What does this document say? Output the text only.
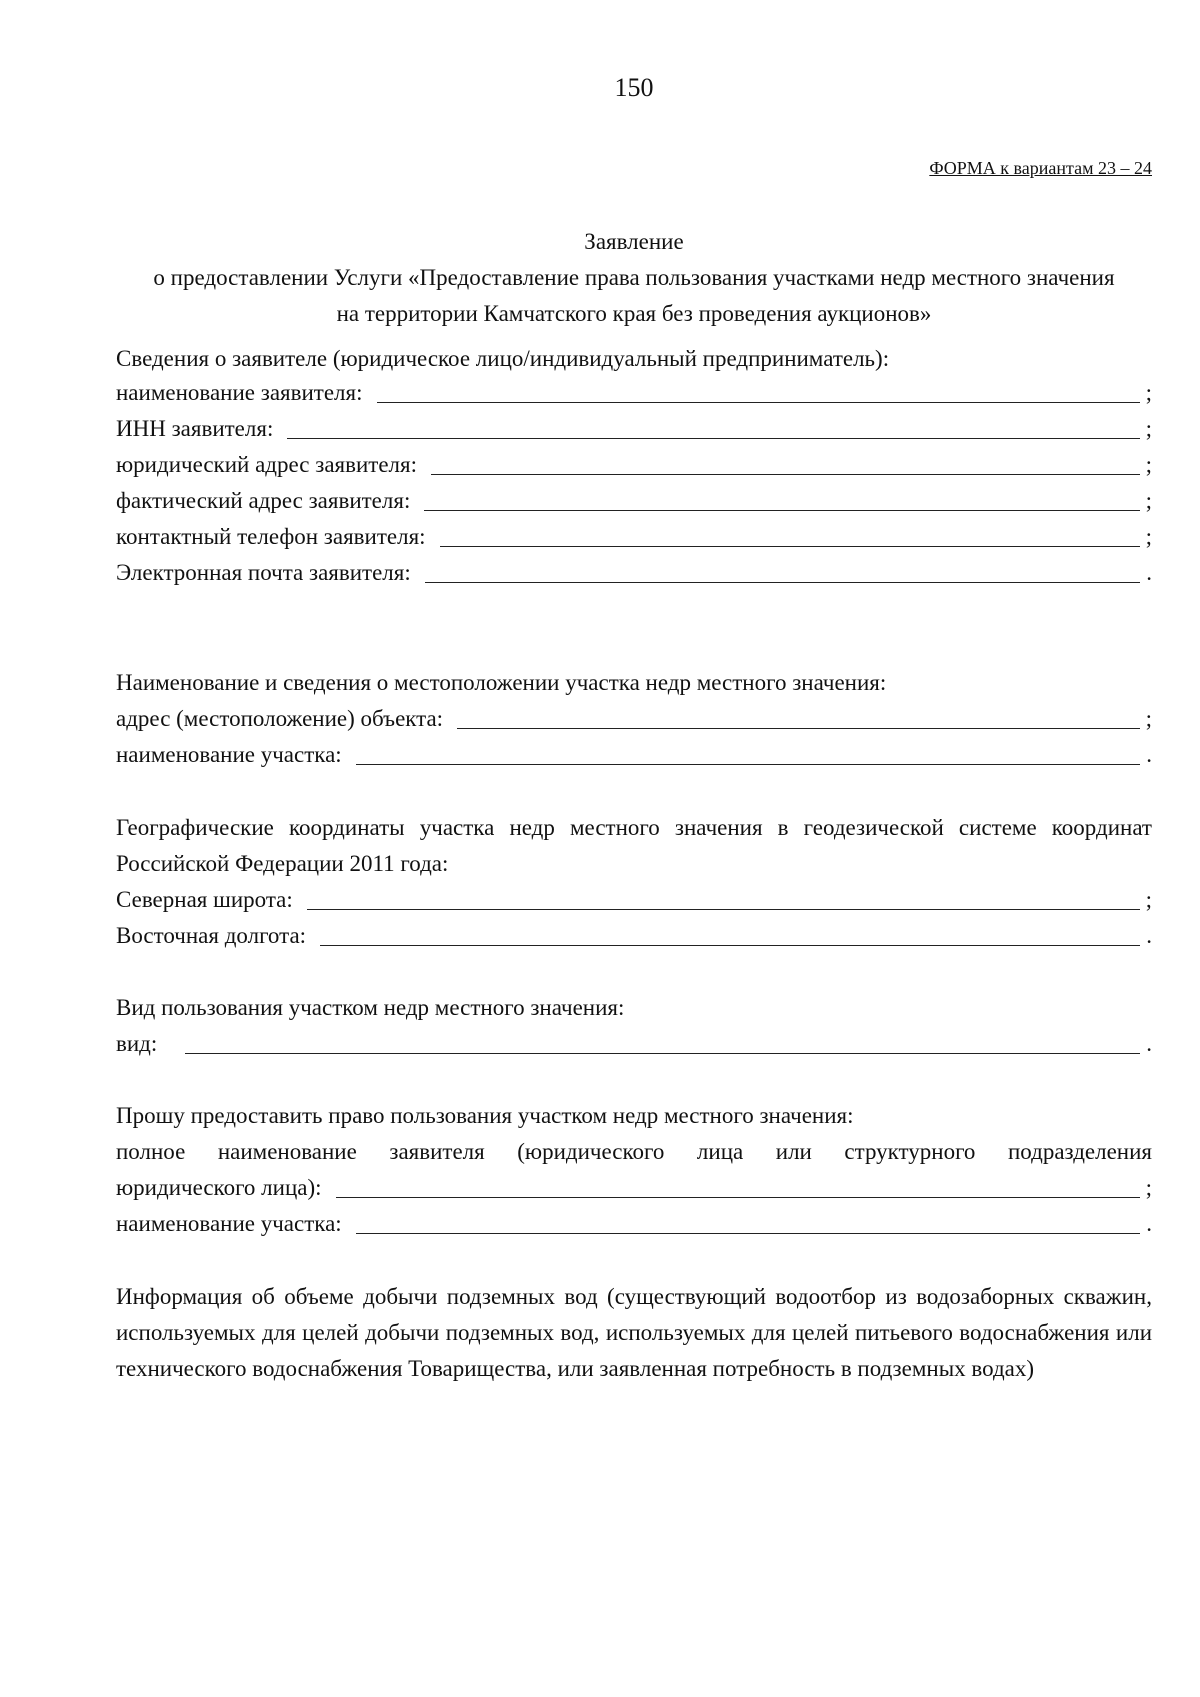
150
ФОРМА к вариантам 23 – 24
Заявление
о предоставлении Услуги «Предоставление права пользования участками недр местного значения
на территории Камчатского края без проведения аукционов»
Сведения о заявителе (юридическое лицо/индивидуальный предприниматель):
наименование заявителя:	;
ИНН заявителя:	;
юридический адрес заявителя:	;
фактический адрес заявителя:	;
контактный телефон заявителя:	;
Электронная почта заявителя:	.
Наименование и сведения о местоположении участка недр местного значения:
адрес (местоположение) объекта:	;
наименование участка:	.
Географические координаты участка недр местного значения в геодезической системе координат
Российской Федерации 2011 года:
Северная широта:	;
Восточная долгота:	.
Вид пользования участком недр местного значения:
вид:	.
Прошу предоставить право пользования участком недр местного значения:
полное наименование заявителя (юридического лица или структурного подразделения
юридического лица):	;
наименование участка:	.
Информация об объеме добычи подземных вод (существующий водоотбор из водозаборных скважин, используемых для целей добычи подземных вод, используемых для целей питьевого водоснабжения или технического водоснабжения Товарищества, или заявленная потребность в подземных водах)
